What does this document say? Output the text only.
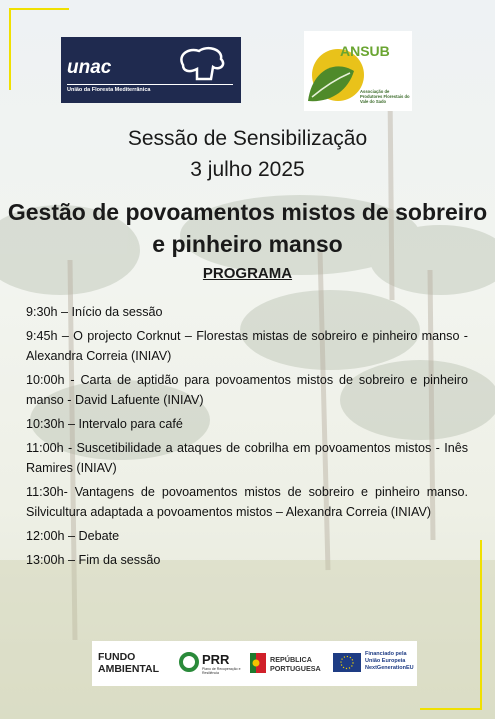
unac
União da Floresta Mediterrânica
ANSUB
Associação de Produtores Florestais do Vale do Sado
Sessão de Sensibilização
3 julho 2025
Gestão de povoamentos mistos de sobreiro e pinheiro manso
PROGRAMA
9:30h – Início da sessão
9:45h – O projecto Corknut – Florestas mistas de sobreiro e pinheiro manso - Alexandra Correia (INIAV)
10:00h - Carta de aptidão para povoamentos mistos de sobreiro e pinheiro manso - David Lafuente (INIAV)
10:30h – Intervalo para café
11:00h - Suscetibilidade a ataques de cobrilha em povoamentos mistos - Inês Ramires (INIAV)
11:30h- Vantagens de povoamentos mistos de sobreiro e pinheiro manso. Silvicultura adaptada a povoamentos mistos – Alexandra Correia (INIAV)
12:00h – Debate
13:00h – Fim da sessão
FUNDO
AMBIENTAL
PRR
Plano de Recuperação e Resiliência
REPÚBLICA
PORTUGUESA
Financiado pela
União Europeia
NextGenerationEU
